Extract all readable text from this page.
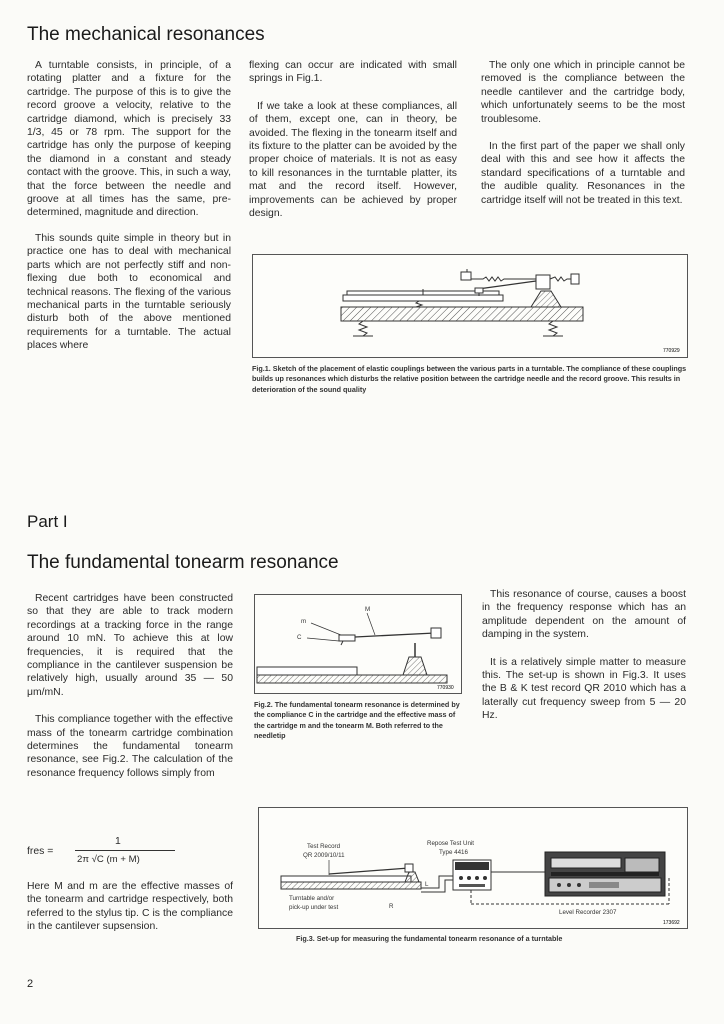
The mechanical resonances

A turntable consists, in principle, of a rotating platter and a fixture for the cartridge. The purpose of this is to give the record groove a velocity, relative to the cartridge diamond, which is precisely 33 1/3, 45 or 78 rpm. The support for the cartridge has only the purpose of keeping the diamond in a constant and steady contact with the groove. This, in such a way, that the force between the needle and groove at all times has the same, pre-determined, magnitude and direction.

This sounds quite simple in theory but in practice one has to deal with mechanical parts which are not perfectly stiff and non-flexing due both to economical and technical reasons. The flexing of the various mechanical parts in the turntable seriously disturb both of the above mentioned requirements for a turntable. The actual places where

flexing can occur are indicated with small springs in Fig.1.

If we take a look at these compliances, all of them, except one, can in theory, be avoided. The flexing in the tonearm itself and its fixture to the platter can be avoided by the proper choice of materials. It is not as easy to kill resonances in the turntable platter, its mat and the record itself. However, improvements can be achieved by proper design.

The only one which in principle cannot be removed is the compliance between the needle cantilever and the cartridge body, which unfortunately seems to be the most troublesome.

In the first part of the paper we shall only deal with this and see how it affects the standard specifications of a turntable and the audible quality. Resonances in the cartridge itself will not be treated in this text.

770929
Fig.1. Sketch of the placement of elastic couplings between the various parts in a turntable. The compliance of these couplings builds up resonances which disturbs the relative position between the cartridge needle and the record groove. This results in deterioration of the sound quality
Part I
The fundamental tonearm resonance

Recent cartridges have been constructed so that they are able to track modern recordings at a tracking force in the range around 10 mN. To achieve this at low frequencies, it is required that the compliance in the cantilever suspension be relatively high, usually around 35 — 50 μm/mN.

This compliance together with the effective mass of the tonearm cartridge combination determines the fundamental tonearm resonance, see Fig.2. The calculation of the resonance frequency follows simply from

fres =
1
2π √C (m + M)

Here M and m are the effective masses of the tonearm and cartridge respectively, both referred to the stylus tip. C is the compliance in the cantilever supsension.

m
C
M
770930
Fig.2. The fundamental tonearm resonance is determined by the compliance C in the cartridge and the effective mass of the cartridge m and the tonearm M. Both referred to the needletip

This resonance of course, causes a boost in the frequency response which has an amplitude dependent on the amount of damping in the system.

It is a relatively simple matter to measure this. The set-up is shown in Fig.3. It uses the B & K test record QR 2010 which has a laterally cut frequency sweep from 5 — 20 Hz.

Test Record
QR 2009/10/11
Repose Test Unit
Type 4416
Turntable and/or
pick-up under test
L
R
Level Recorder 2307
173692
Fig.3. Set-up for measuring the fundamental tonearm resonance of a turntable
2
